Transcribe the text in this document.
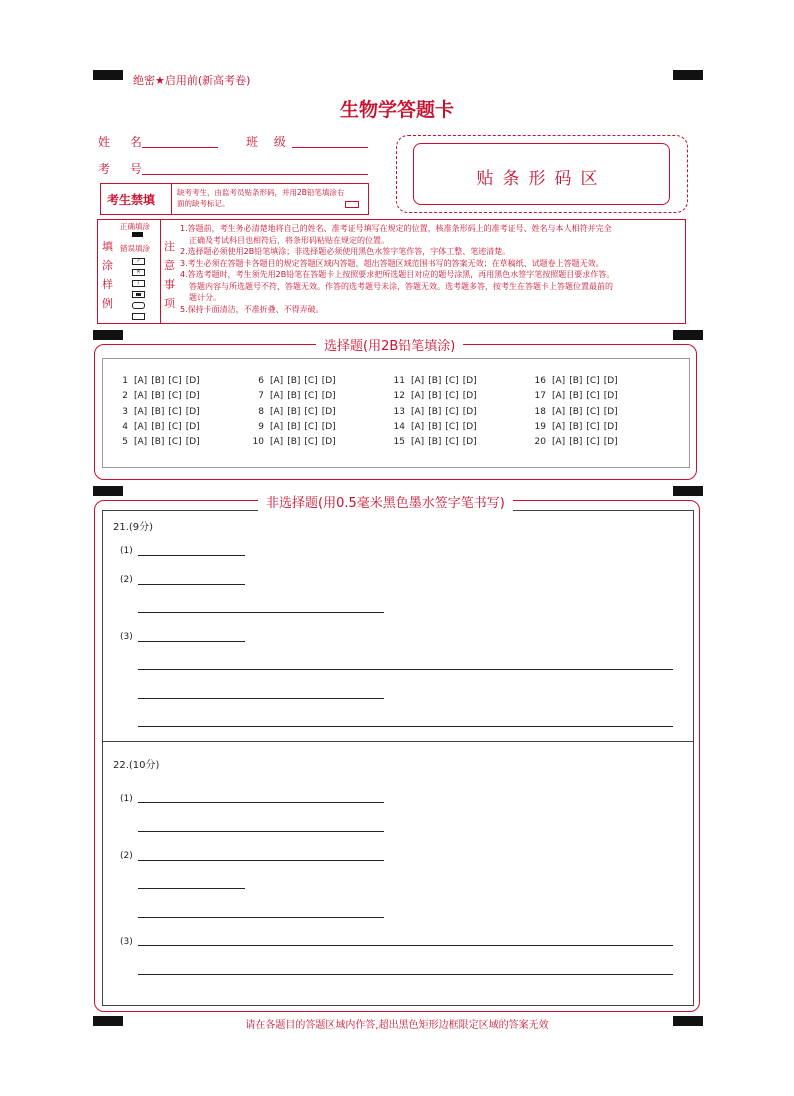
绝密★启用前(新高考卷)
生物学答题卡
姓 名	班 级
考 号
考生禁填
缺考考生，由监考员贴条形码，并用2B铅笔填涂右面的缺考标记。
贴条形码区
填
涂
样
例
正确填涂
错误填涂
✓
✕
/
注
意
事
项

1.答题前，考生务必清楚地将自己的姓名、准考证号填写在规定的位置，核准条形码上的准考证号、姓名与本人相符并完全

正确及考试科目也相符后，将条形码粘贴在规定的位置。

2.选择题必须使用2B铅笔填涂；非选择题必须使用黑色水签字笔作答，字体工整、笔迹清楚。

3.考生必须在答题卡各题目的规定答题区域内答题，超出答题区域范围书写的答案无效；在草稿纸、试题卷上答题无效。

4.答选考题时，考生须先用2B铅笔在答题卡上按照要求把所选题目对应的题号涂黑，再用黑色水签字笔按照题目要求作答。

答题内容与所选题号不符，答题无效。作答的选考题号未涂，答题无效。选考题多答，按考生在答题卡上答题位置最前的

题计分。

5.保持卡面清洁，不准折叠、不得弄破。

选择题(用2B铅笔填涂)
1 [A] [B] [C] [D]
2 [A] [B] [C] [D]
3 [A] [B] [C] [D]
4 [A] [B] [C] [D]
5 [A] [B] [C] [D]
6 [A] [B] [C] [D]
7 [A] [B] [C] [D]
8 [A] [B] [C] [D]
9 [A] [B] [C] [D]
10 [A] [B] [C] [D]
11 [A] [B] [C] [D]
12 [A] [B] [C] [D]
13 [A] [B] [C] [D]
14 [A] [B] [C] [D]
15 [A] [B] [C] [D]
16 [A] [B] [C] [D]
17 [A] [B] [C] [D]
18 [A] [B] [C] [D]
19 [A] [B] [C] [D]
20 [A] [B] [C] [D]
非选择题(用0.5毫米黑色墨水签字笔书写)
21.(9分)
(1)
(2)
(3)
22.(10分)
(1)
(2)
(3)
请在各题目的答题区域内作答,超出黑色矩形边框限定区域的答案无效
